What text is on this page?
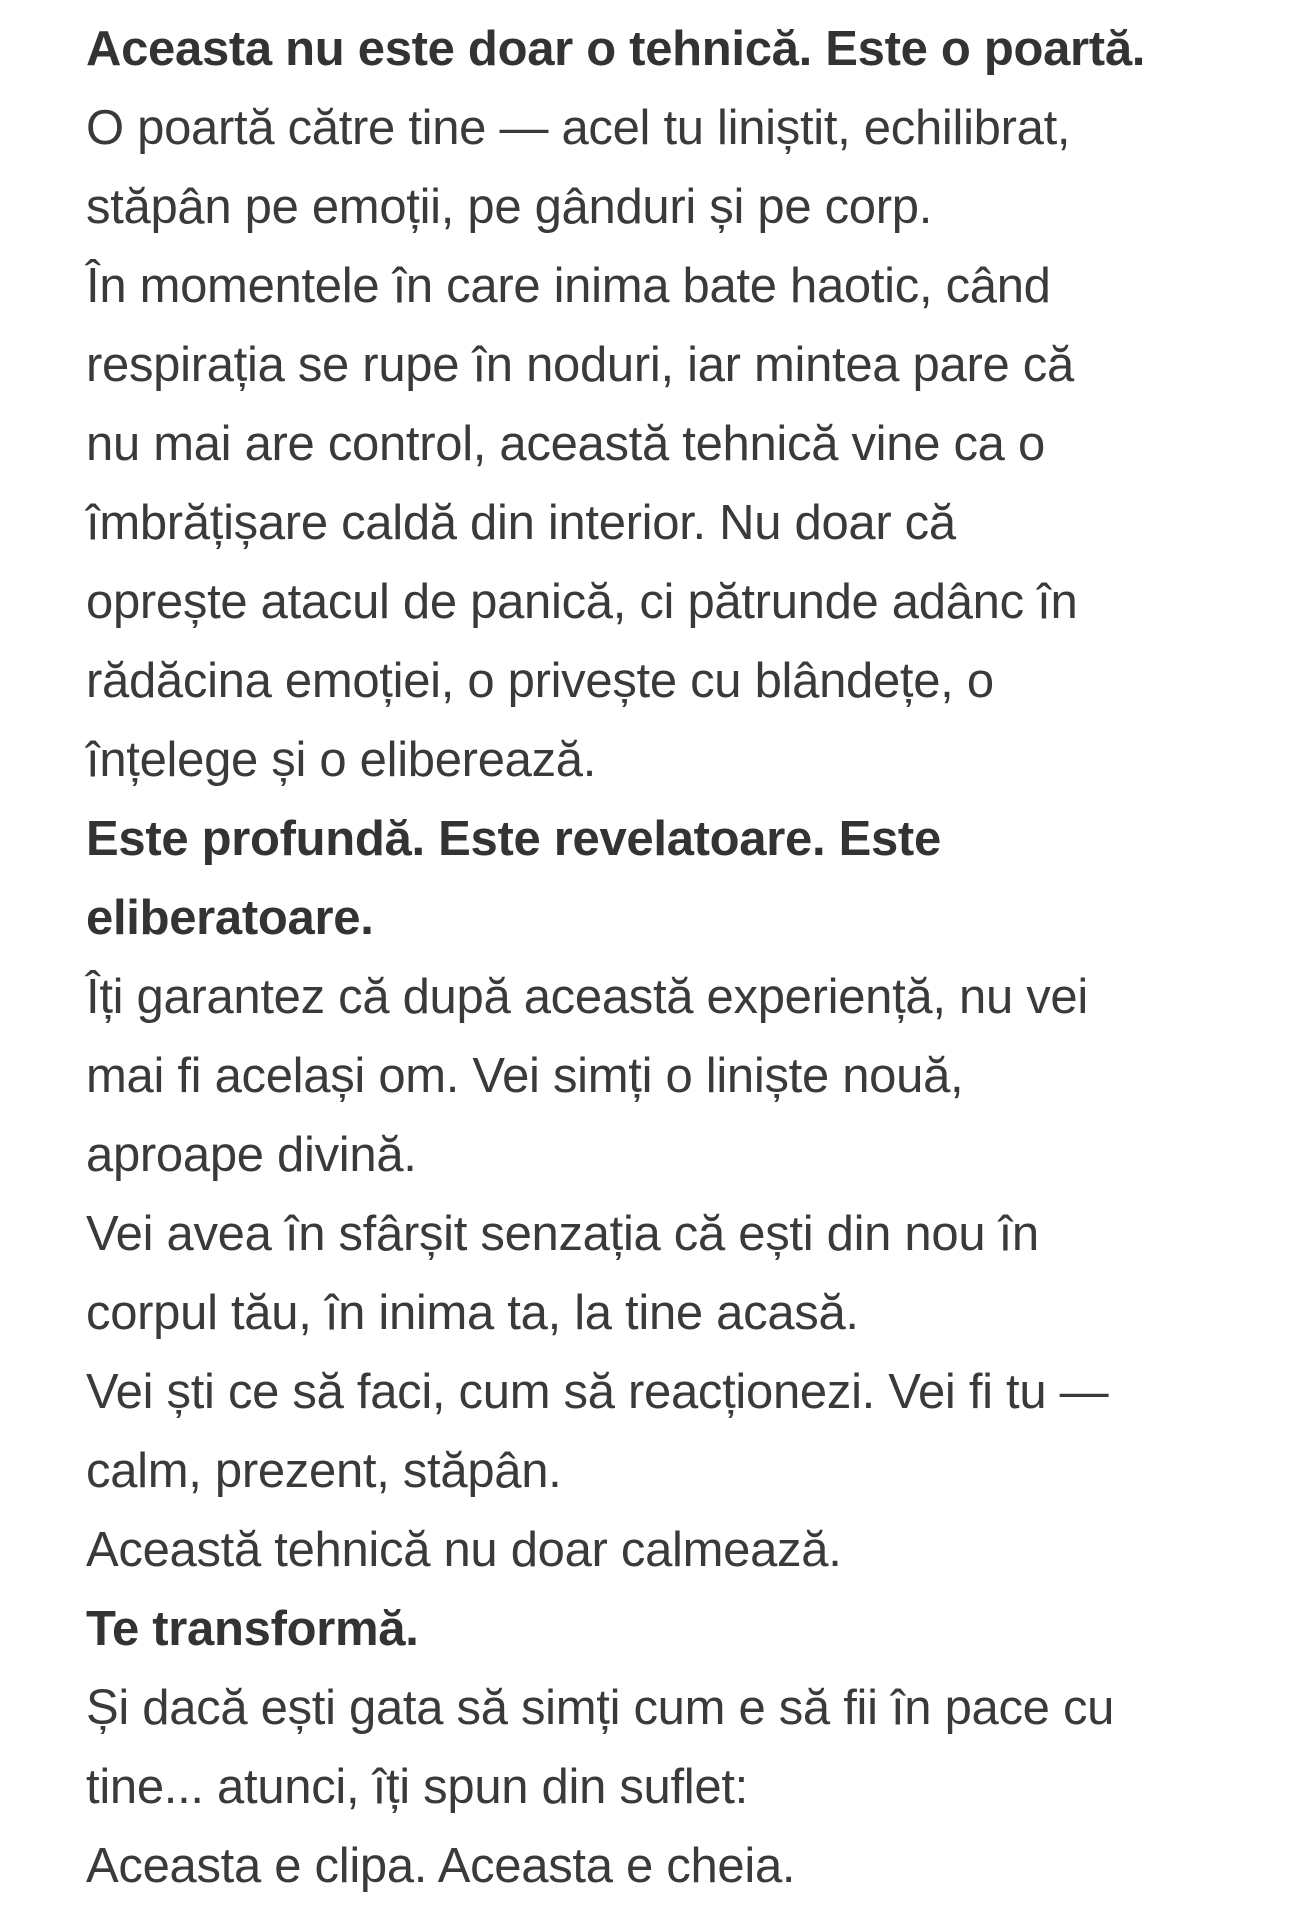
Aceasta nu este doar o tehnică. Este o poartă.

O poartă către tine — acel tu liniștit, echilibrat,
stăpân pe emoții, pe gânduri și pe corp.

În momentele în care inima bate haotic, când
respirația se rupe în noduri, iar mintea pare că
nu mai are control, această tehnică vine ca o
îmbrățișare caldă din interior. Nu doar că
oprește atacul de panică, ci pătrunde adânc în
rădăcina emoției, o privește cu blândețe, o
înțelege și o eliberează.

Este profundă. Este revelatoare. Este
eliberatoare.

Îți garantez că după această experiență, nu vei
mai fi același om. Vei simți o liniște nouă,
aproape divină.

Vei avea în sfârșit senzația că ești din nou în
corpul tău, în inima ta, la tine acasă.

Vei ști ce să faci, cum să reacționezi. Vei fi tu —
calm, prezent, stăpân.

Această tehnică nu doar calmează.

Te transformă.

Și dacă ești gata să simți cum e să fii în pace cu
tine... atunci, îți spun din suflet:

Aceasta e clipa. Aceasta e cheia.
